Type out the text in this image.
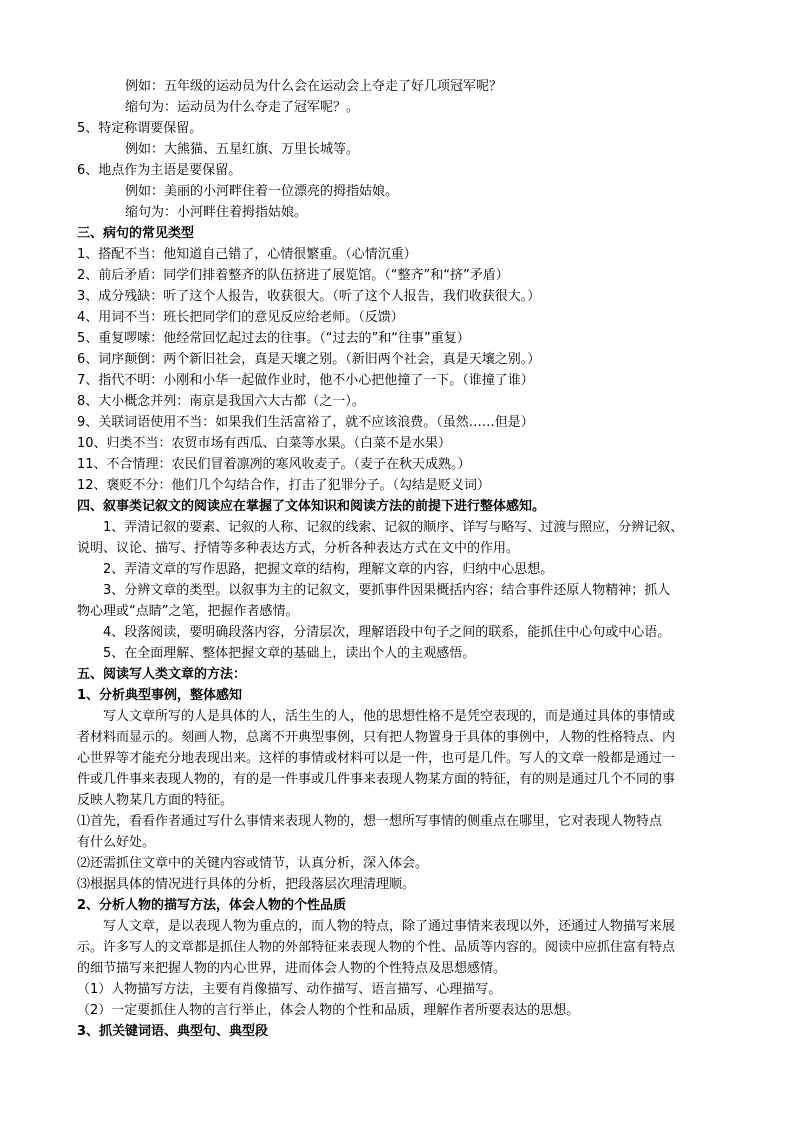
例如：五年级的运动员为什么会在运动会上夺走了好几项冠军呢？
缩句为：运动员为什么夺走了冠军呢？。
5、特定称谓要保留。
例如：大熊猫、五星红旗、万里长城等。
6、地点作为主语是要保留。
例如：美丽的小河畔住着一位漂亮的拇指姑娘。
缩句为：小河畔住着拇指姑娘。
三、病句的常见类型
1、搭配不当：他知道自己错了，心情很繁重。（心情沉重）
2、前后矛盾：同学们排着整齐的队伍挤进了展览馆。（“整齐”和“挤”矛盾）
3、成分残缺：听了这个人报告，收获很大。（听了这个人报告，我们收获很大。）
4、用词不当：班长把同学们的意见反应给老师。（反馈）
5、重复啰嗦：他经常回忆起过去的往事。（“过去的”和“往事”重复）
6、词序颠倒：两个新旧社会，真是天壤之别。（新旧两个社会，真是天壤之别。）
7、指代不明：小刚和小华一起做作业时，他不小心把他撞了一下。（谁撞了谁）
8、大小概念并列：南京是我国六大古都（之一）。
9、关联词语使用不当：如果我们生活富裕了，就不应该浪费。（虽然……但是）
10、归类不当：农贸市场有西瓜、白菜等水果。（白菜不是水果）
11、不合情理：农民们冒着凛冽的寒风收麦子。（麦子在秋天成熟。）
12、褒贬不分：他们几个勾结合作，打击了犯罪分子。（勾结是贬义词）
四、叙事类记叙文的阅读应在掌握了文体知识和阅读方法的前提下进行整体感知。
1、弄清记叙的要素、记叙的人称、记叙的线索、记叙的顺序、详写与略写、过渡与照应，分辨记叙、
说明、议论、描写、抒情等多种表达方式，分析各种表达方式在文中的作用。
2、弄清文章的写作思路，把握文章的结构，理解文章的内容，归纳中心思想。
3、分辨文章的类型。以叙事为主的记叙文，要抓事件因果概括内容；结合事件还原人物精神；抓人
物心理或“点睛”之笔，把握作者感情。
4、段落阅读，要明确段落内容，分清层次，理解语段中句子之间的联系，能抓住中心句或中心语。
5、在全面理解、整体把握文章的基础上，读出个人的主观感悟。
五、阅读写人类文章的方法：
1、分析典型事例，整体感知
写人文章所写的人是具体的人，活生生的人，他的思想性格不是凭空表现的，而是通过具体的事情或
者材料而显示的。刻画人物，总离不开典型事例，只有把人物置身于具体的事例中，人物的性格特点、内
心世界等才能充分地表现出来。这样的事情或材料可以是一件，也可是几件。写人的文章一般都是通过一
件或几件事来表现人物的，有的是一件事或几件事来表现人物某方面的特征，有的则是通过几个不同的事
反映人物某几方面的特征。
⑴首先，看看作者通过写什么事情来表现人物的，想一想所写事情的侧重点在哪里，它对表现人物特点
有什么好处。
⑵还需抓住文章中的关键内容或情节，认真分析，深入体会。
⑶根据具体的情况进行具体的分析，把段落层次理清理顺。
2、分析人物的描写方法，体会人物的个性品质
写人文章，是以表现人物为重点的，而人物的特点，除了通过事情来表现以外，还通过人物描写来展
示。许多写人的文章都是抓住人物的外部特征来表现人物的个性、品质等内容的。阅读中应抓住富有特点
的细节描写来把握人物的内心世界，进而体会人物的个性特点及思想感情。
（1）人物描写方法，主要有肖像描写、动作描写、语言描写、心理描写。
（2）一定要抓住人物的言行举止，体会人物的个性和品质，理解作者所要表达的思想。
3、抓关键词语、典型句、典型段
